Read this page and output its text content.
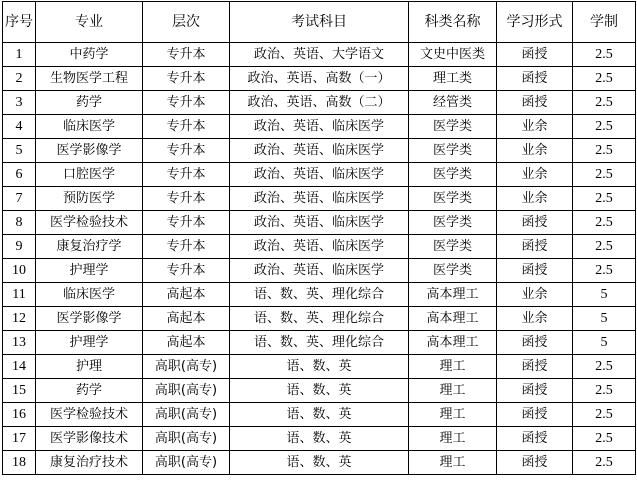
序号	专业	层次	考试科目	科类名称	学习形式	学制
1	中药学	专升本	政治、英语、大学语文	文史中医类	函授	2.5
2	生物医学工程	专升本	政治、英语、高数（一）	理工类	函授	2.5
3	药学	专升本	政治、英语、高数（二）	经管类	函授	2.5
4	临床医学	专升本	政治、英语、临床医学	医学类	业余	2.5
5	医学影像学	专升本	政治、英语、临床医学	医学类	业余	2.5
6	口腔医学	专升本	政治、英语、临床医学	医学类	业余	2.5
7	预防医学	专升本	政治、英语、临床医学	医学类	业余	2.5
8	医学检验技术	专升本	政治、英语、临床医学	医学类	函授	2.5
9	康复治疗学	专升本	政治、英语、临床医学	医学类	函授	2.5
10	护理学	专升本	政治、英语、临床医学	医学类	函授	2.5
11	临床医学	高起本	语、数、英、理化综合	高本理工	业余	5
12	医学影像学	高起本	语、数、英、理化综合	高本理工	业余	5
13	护理学	高起本	语、数、英、理化综合	高本理工	函授	5
14	护理	高职(高专)	语、数、英	理工	函授	2.5
15	药学	高职(高专)	语、数、英	理工	函授	2.5
16	医学检验技术	高职(高专)	语、数、英	理工	函授	2.5
17	医学影像技术	高职(高专)	语、数、英	理工	函授	2.5
18	康复治疗技术	高职(高专)	语、数、英	理工	函授	2.5
